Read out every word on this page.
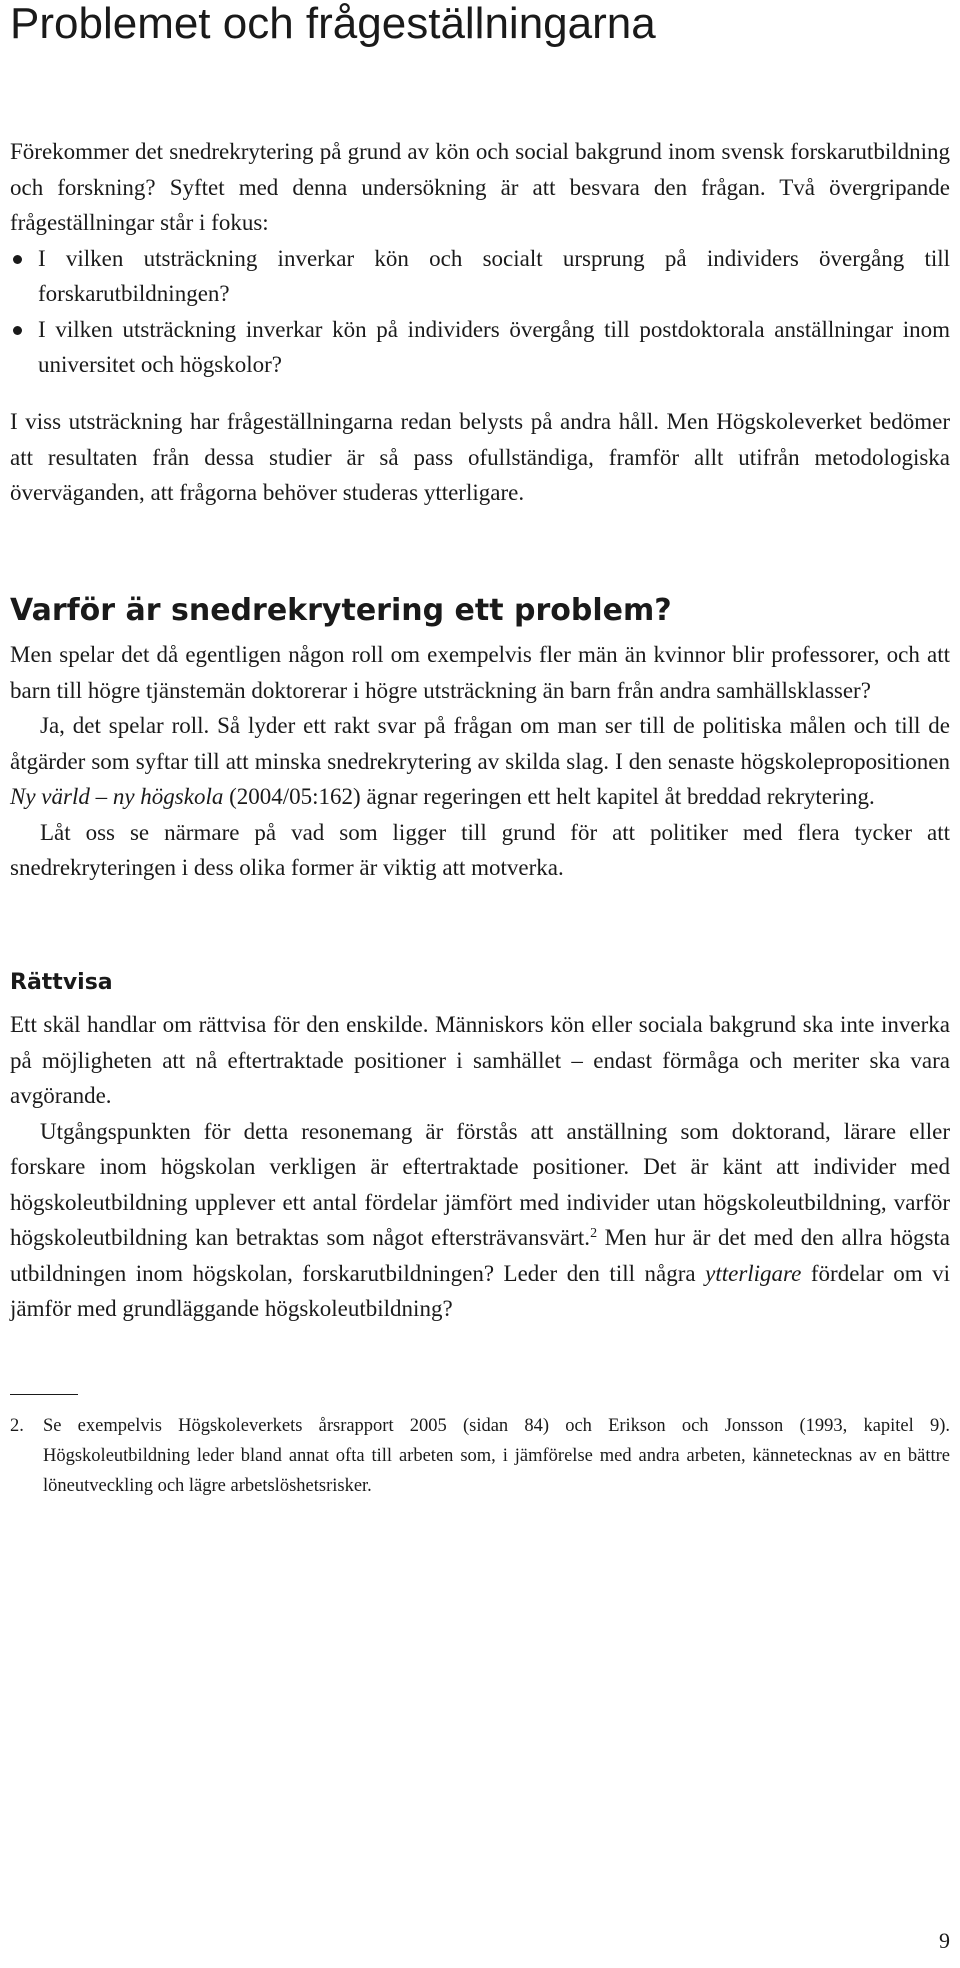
Problemet och frågeställningarna

Förekommer det snedrekrytering på grund av kön och social bakgrund inom svensk forskarutbildning och forskning? Syftet med denna undersökning är att besvara den frågan. Två övergripande frågeställningar står i fokus:

I vilken utsträckning inverkar kön och socialt ursprung på individers övergång till forskarutbildningen?
I vilken utsträckning inverkar kön på individers övergång till postdoktorala anställningar inom universitet och högskolor?

I viss utsträckning har frågeställningarna redan belysts på andra håll. Men Högskoleverket bedömer att resultaten från dessa studier är så pass ofullständiga, framför allt utifrån metodologiska överväganden, att frågorna behöver studeras ytterligare.

Varför är snedrekrytering ett problem?

Men spelar det då egentligen någon roll om exempelvis fler män än kvinnor blir professorer, och att barn till högre tjänstemän doktorerar i högre utsträckning än barn från andra samhällsklasser?

Ja, det spelar roll. Så lyder ett rakt svar på frågan om man ser till de politiska målen och till de åtgärder som syftar till att minska snedrekrytering av skilda slag. I den senaste högskolepropositionen Ny värld – ny högskola (2004/05:162) ägnar regeringen ett helt kapitel åt breddad rekrytering.

Låt oss se närmare på vad som ligger till grund för att politiker med flera tycker att snedrekryteringen i dess olika former är viktig att motverka.

Rättvisa

Ett skäl handlar om rättvisa för den enskilde. Människors kön eller sociala bakgrund ska inte inverka på möjligheten att nå eftertraktade positioner i samhället – endast förmåga och meriter ska vara avgörande.

Utgångspunkten för detta resonemang är förstås att anställning som doktorand, lärare eller forskare inom högskolan verkligen är eftertraktade positioner. Det är känt att individer med högskoleutbildning upplever ett antal fördelar jämfört med individer utan högskoleutbildning, varför högskoleutbildning kan betraktas som något eftersträvansvärt.$^2$ Men hur är det med den allra högsta utbildningen inom högskolan, forskarutbildningen? Leder den till några ytterligare fördelar om vi jämför med grundläggande högskoleutbildning?

2. Se exempelvis Högskoleverkets årsrapport 2005 (sidan 84) och Erikson och Jonsson (1993, kapitel 9). Högskoleutbildning leder bland annat ofta till arbeten som, i jämförelse med andra arbeten, kännetecknas av en bättre löneutveckling och lägre arbetslöshetsrisker.

9
